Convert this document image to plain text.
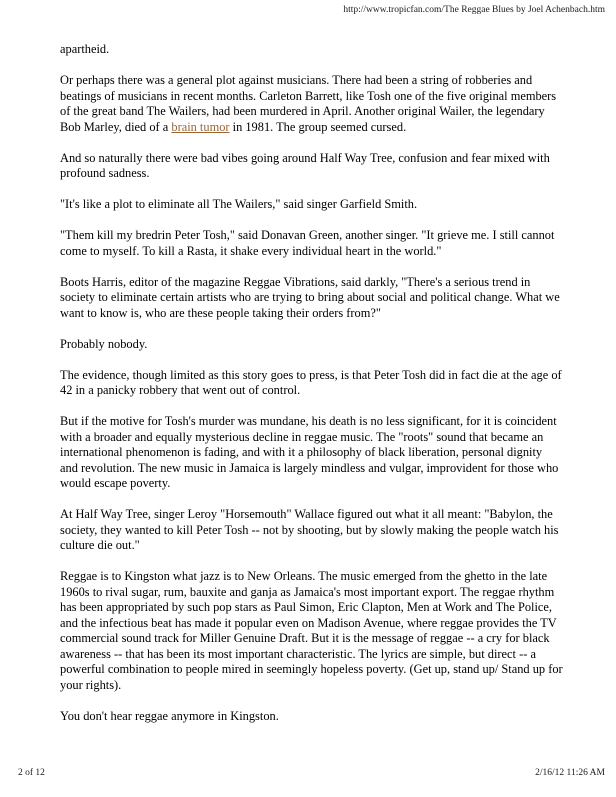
http://www.tropicfan.com/The Reggae Blues by Joel Achenbach.htm

apartheid.

Or perhaps there was a general plot against musicians. There had been a string of robberies and beatings of musicians in recent months. Carleton Barrett, like Tosh one of the five original members of the great band The Wailers, had been murdered in April. Another original Wailer, the legendary Bob Marley, died of a brain tumor in 1981. The group seemed cursed.

And so naturally there were bad vibes going around Half Way Tree, confusion and fear mixed with profound sadness.

"It's like a plot to eliminate all The Wailers," said singer Garfield Smith.

"Them kill my bredrin Peter Tosh," said Donavan Green, another singer. "It grieve me. I still cannot come to myself. To kill a Rasta, it shake every individual heart in the world."

Boots Harris, editor of the magazine Reggae Vibrations, said darkly, "There's a serious trend in society to eliminate certain artists who are trying to bring about social and political change. What we want to know is, who are these people taking their orders from?"

Probably nobody.

The evidence, though limited as this story goes to press, is that Peter Tosh did in fact die at the age of 42 in a panicky robbery that went out of control.

But if the motive for Tosh's murder was mundane, his death is no less significant, for it is coincident with a broader and equally mysterious decline in reggae music. The "roots" sound that became an international phenomenon is fading, and with it a philosophy of black liberation, personal dignity and revolution. The new music in Jamaica is largely mindless and vulgar, improvident for those who would escape poverty.

At Half Way Tree, singer Leroy "Horsemouth" Wallace figured out what it all meant: "Babylon, the society, they wanted to kill Peter Tosh -- not by shooting, but by slowly making the people watch his culture die out."

Reggae is to Kingston what jazz is to New Orleans. The music emerged from the ghetto in the late 1960s to rival sugar, rum, bauxite and ganja as Jamaica's most important export. The reggae rhythm has been appropriated by such pop stars as Paul Simon, Eric Clapton, Men at Work and The Police, and the infectious beat has made it popular even on Madison Avenue, where reggae provides the TV commercial sound track for Miller Genuine Draft. But it is the message of reggae -- a cry for black awareness -- that has been its most important characteristic. The lyrics are simple, but direct -- a powerful combination to people mired in seemingly hopeless poverty. (Get up, stand up/ Stand up for your rights).

You don't hear reggae anymore in Kingston.

2 of 12	2/16/12 11:26 AM
